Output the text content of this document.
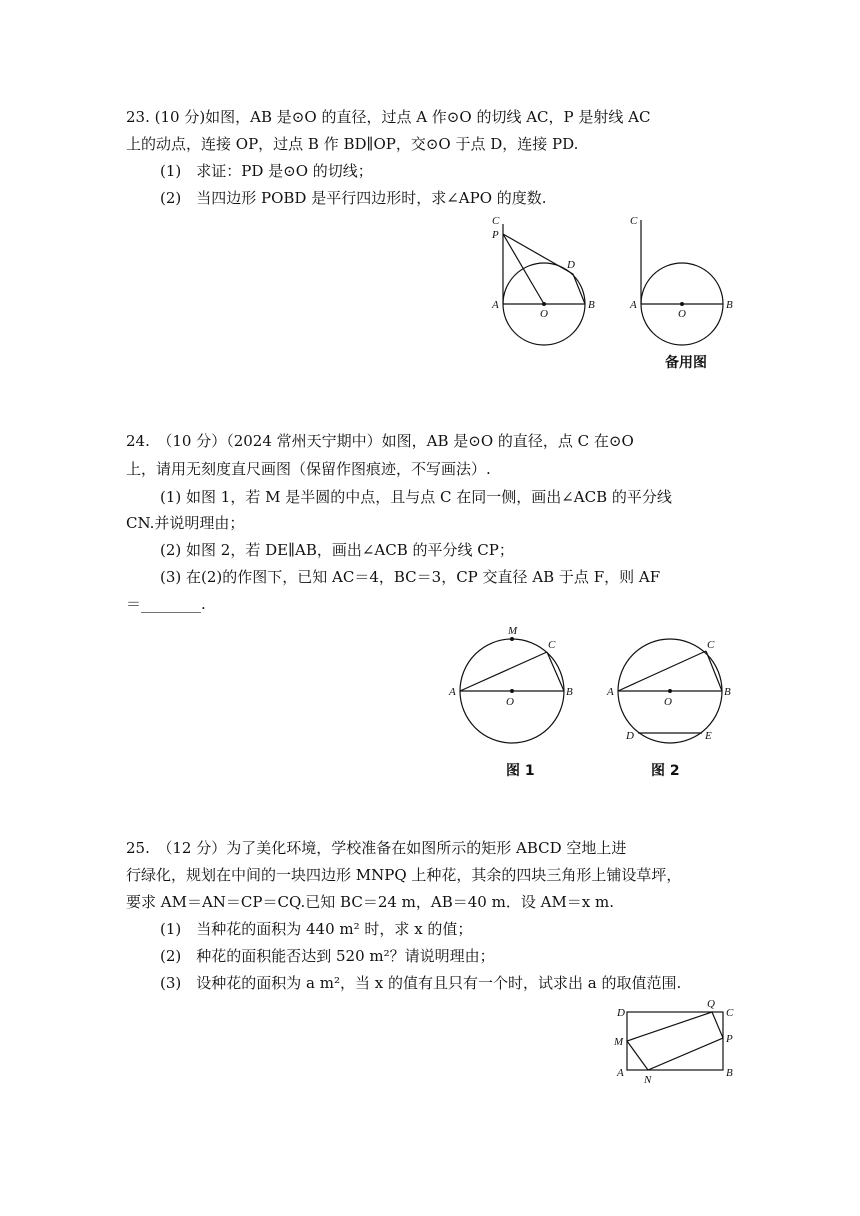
23. (10 分)如图，AB 是⊙O 的直径，过点 A 作⊙O 的切线 AC，P 是射线 AC
上的动点，连接 OP，过点 B 作 BD∥OP，交⊙O 于点 D，连接 PD.
(1)　求证：PD 是⊙O 的切线；
(2)　当四边形 POBD 是平行四边形时，求∠APO 的度数.
C
P
D
A
O
B
C
A
O
B
备用图
24.　（10 分）（2024 常州天宁期中）如图，AB 是⊙O 的直径，点 C 在⊙O
上，请用无刻度直尺画图（保留作图痕迹，不写画法）.
(1) 如图 1，若 M 是半圆的中点，且与点 C 在同一侧，画出∠ACB 的平分线
CN.并说明理由；
(2) 如图 2，若 DE∥AB，画出∠ACB 的平分线 CP；
(3) 在(2)的作图下，已知 AC＝4，BC＝3，CP 交直径 AB 于点 F，则 AF
＝________.
M
C
A
O
B
图 1
C
A
O
B
D	E
图 2
25.　（12 分）为了美化环境，学校准备在如图所示的矩形 ABCD 空地上进
行绿化，规划在中间的一块四边形 MNPQ 上种花，其余的四块三角形上铺设草坪，
要求 AM＝AN＝CP＝CQ.已知 BC＝24 m，AB＝40 m．设 AM＝x m.
(1)　当种花的面积为 440 m² 时，求 x 的值；
(2)　种花的面积能否达到 520 m²？请说明理由；
(3)　设种花的面积为 a m²，当 x 的值有且只有一个时，试求出 a 的取值范围.
D
Q
C
M	P
A
N
B
